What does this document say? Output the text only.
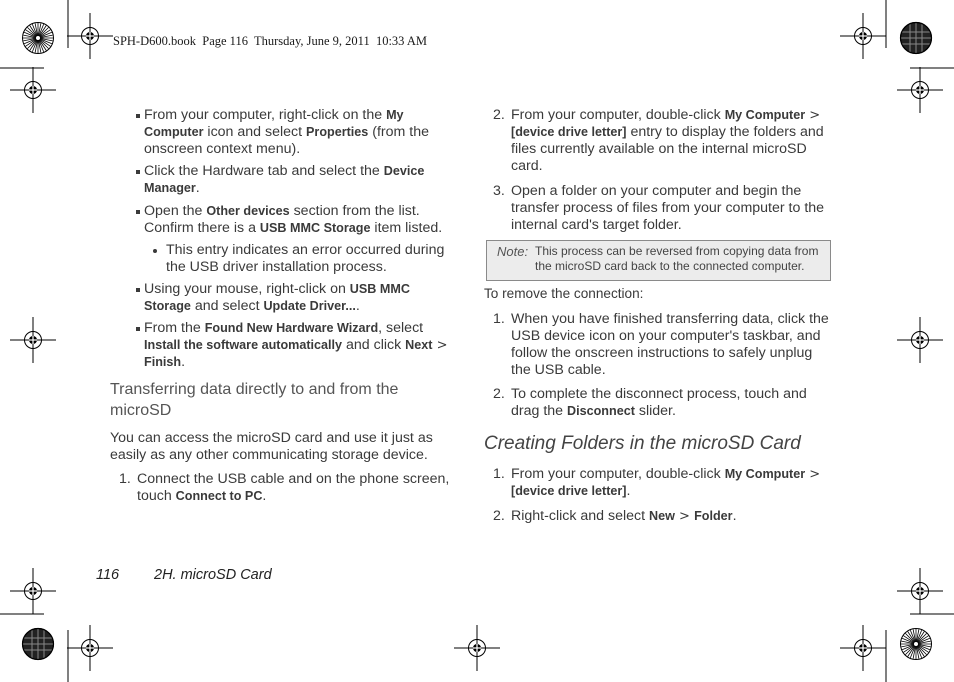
SPH-D600.book  Page 116  Thursday, June 9, 2011  10:33 AM
From your computer, right-click on the My Computer icon and select Properties (from the onscreen context menu).
Click the Hardware tab and select the Device Manager.
Open the Other devices section from the list. Confirm there is a USB MMC Storage item listed.
This entry indicates an error occurred during the USB driver installation process.
Using your mouse, right-click on USB MMC Storage and select Update Driver....
From the Found New Hardware Wizard, select Install the software automatically and click Next > Finish.
Transferring data directly to and from the microSD
You can access the microSD card and use it just as easily as any other communicating storage device.
1. Connect the USB cable and on the phone screen, touch Connect to PC.
2. From your computer, double-click My Computer > [device drive letter] entry to display the folders and files currently available on the internal microSD card.
3. Open a folder on your computer and begin the transfer process of files from your computer to the internal card's target folder.
Note: This process can be reversed from copying data from the microSD card back to the connected computer.
To remove the connection:
1. When you have finished transferring data, click the USB device icon on your computer's taskbar, and follow the onscreen instructions to safely unplug the USB cable.
2. To complete the disconnect process, touch and drag the Disconnect slider.
Creating Folders in the microSD Card
1. From your computer, double-click My Computer > [device drive letter].
2. Right-click and select New > Folder.
116 2H. microSD Card
